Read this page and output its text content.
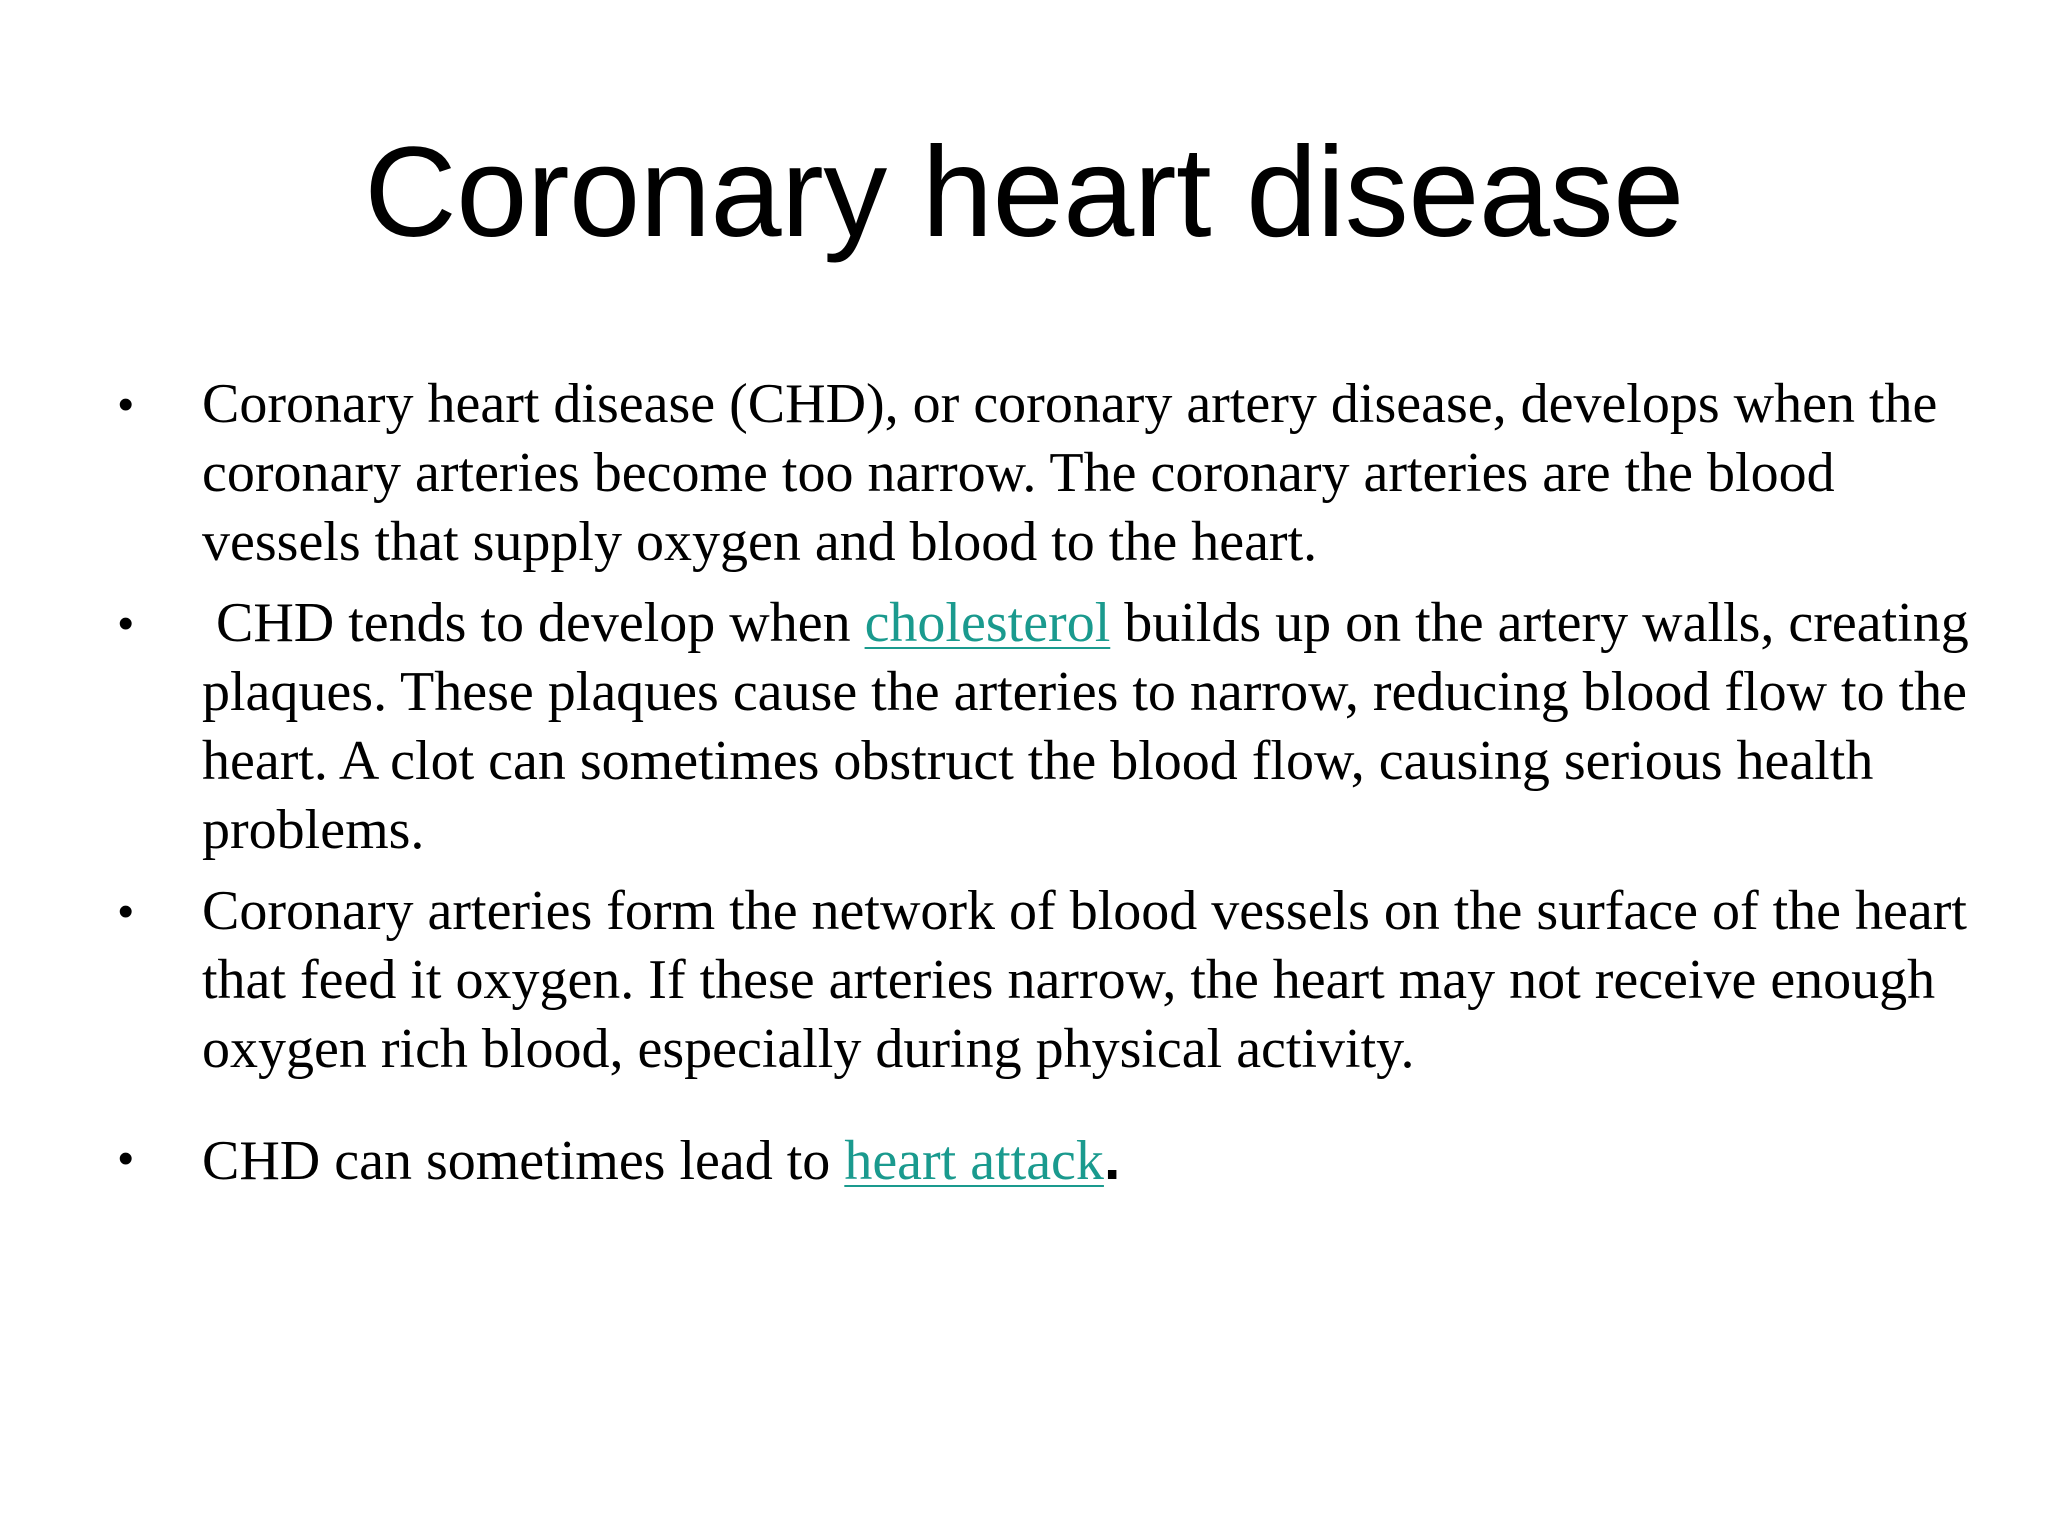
Coronary heart disease
• Coronary heart disease (CHD), or coronary artery disease, develops when the coronary arteries become too narrow. The coronary arteries are the blood vessels that supply oxygen and blood to the heart.
• CHD tends to develop when cholesterol builds up on the artery walls, creating plaques. These plaques cause the arteries to narrow, reducing blood flow to the heart. A clot can sometimes obstruct the blood flow, causing serious health problems.
• Coronary arteries form the network of blood vessels on the surface of the heart that feed it oxygen. If these arteries narrow, the heart may not receive enough oxygen rich blood, especially during physical activity.
• CHD can sometimes lead to heart attack.
